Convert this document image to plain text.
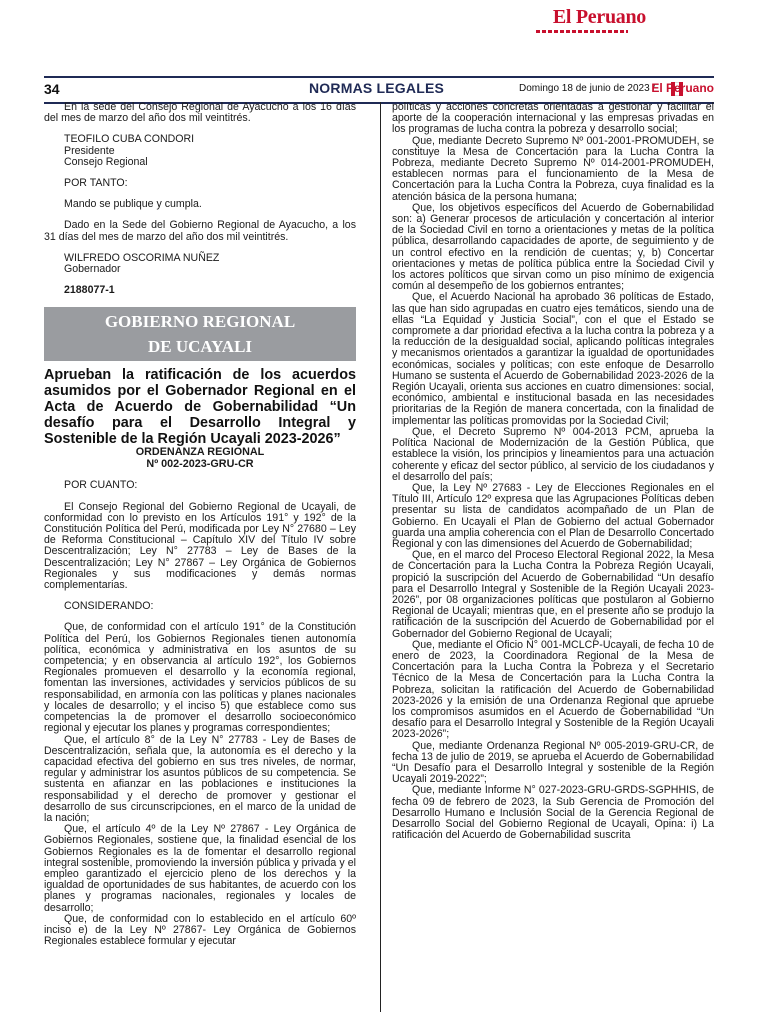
El Peruano
34	NORMAS LEGALES	Domingo 18 de junio de 2023 /
El Peruano

En la sede del Consejo Regional de Ayacucho a los 16 días del mes de marzo del año dos mil veintitrés.

TEOFILO CUBA CONDORI

Presidente

Consejo Regional

POR TANTO:

Mando se publique y cumpla.

Dado en la Sede del Gobierno Regional de Ayacucho, a los 31 días del mes de marzo del año dos mil veintitrés.

WILFREDO OSCORIMA NUÑEZ

Gobernador

2188077-1

GOBIERNO REGIONAL
DE UCAYALI

Aprueban la ratificación de los acuerdos asumidos por el Gobernador Regional en el Acta de Acuerdo de Gobernabilidad “Un desafío para el Desarrollo Integral y Sostenible de la Región Ucayali 2023-2026”

ORDENANZA REGIONAL

Nº 002-2023-GRU-CR

POR CUANTO:

El Consejo Regional del Gobierno Regional de Ucayali, de conformidad con lo previsto en los Artículos 191° y 192° de la Constitución Política del Perú, modificada por Ley N° 27680 – Ley de Reforma Constitucional – Capítulo XIV del Título IV sobre Descentralización; Ley N° 27783 – Ley de Bases de la Descentralización; Ley N° 27867 – Ley Orgánica de Gobiernos Regionales y sus modificaciones y demás normas complementarias.

CONSIDERANDO:

Que, de conformidad con el artículo 191° de la Constitución Política del Perú, los Gobiernos Regionales tienen autonomía política, económica y administrativa en los asuntos de su competencia; y en observancia al artículo 192°, los Gobiernos Regionales promueven el desarrollo y la economía regional, fomentan las inversiones, actividades y servicios públicos de su responsabilidad, en armonía con las políticas y planes nacionales y locales de desarrollo; y el inciso 5) que establece como sus competencias la de promover el desarrollo socioeconómico regional y ejecutar los planes y programas correspondientes;

Que, el artículo 8° de la Ley N° 27783 - Ley de Bases de Descentralización, señala que, la autonomía es el derecho y la capacidad efectiva del gobierno en sus tres niveles, de normar, regular y administrar los asuntos públicos de su competencia. Se sustenta en afianzar en las poblaciones e instituciones la responsabilidad y el derecho de promover y gestionar el desarrollo de sus circunscripciones, en el marco de la unidad de la nación;

Que, el artículo 4º de la Ley Nº 27867 - Ley Orgánica de Gobiernos Regionales, sostiene que, la finalidad esencial de los Gobiernos Regionales es la de fomentar el desarrollo regional integral sostenible, promoviendo la inversión pública y privada y el empleo garantizado el ejercicio pleno de los derechos y la igualdad de oportunidades de sus habitantes, de acuerdo con los planes y programas nacionales, regionales y locales de desarrollo;

Que, de conformidad con lo establecido en el artículo 60º inciso e) de la Ley Nº 27867- Ley Orgánica de Gobiernos Regionales establece formular y ejecutar

políticas y acciones concretas orientadas a gestionar y facilitar el aporte de la cooperación internacional y las empresas privadas en los programas de lucha contra la pobreza y desarrollo social;

Que, mediante Decreto Supremo Nº 001-2001-PROMUDEH, se constituye la Mesa de Concertación para la Lucha Contra la Pobreza, mediante Decreto Supremo Nº 014-2001-PROMUDEH, establecen normas para el funcionamiento de la Mesa de Concertación para la Lucha Contra la Pobreza, cuya finalidad es la atención básica de la persona humana;

Que, los objetivos específicos del Acuerdo de Gobernabilidad son: a) Generar procesos de articulación y concertación al interior de la Sociedad Civil en torno a orientaciones y metas de la política pública, desarrollando capacidades de aporte, de seguimiento y de un control efectivo en la rendición de cuentas; y, b) Concertar orientaciones y metas de política pública entre la Sociedad Civil y los actores políticos que sirvan como un piso mínimo de exigencia común al desempeño de los gobiernos entrantes;

Que, el Acuerdo Nacional ha aprobado 36 políticas de Estado, las que han sido agrupadas en cuatro ejes temáticos, siendo una de ellas “La Equidad y Justicia Social”, con el que el Estado se compromete a dar prioridad efectiva a la lucha contra la pobreza y a la reducción de la desigualdad social, aplicando políticas integrales y mecanismos orientados a garantizar la igualdad de oportunidades económicas, sociales y políticas; con este enfoque de Desarrollo Humano se sustenta el Acuerdo de Gobernabilidad 2023-2026 de la Región Ucayali, orienta sus acciones en cuatro dimensiones: social, económico, ambiental e institucional basada en las necesidades prioritarias de la Región de manera concertada, con la finalidad de implementar las políticas promovidas por la Sociedad Civil;

Que, el Decreto Supremo Nº 004-2013 PCM, aprueba la Política Nacional de Modernización de la Gestión Pública, que establece la visión, los principios y lineamientos para una actuación coherente y eficaz del sector público, al servicio de los ciudadanos y el desarrollo del país;

Que, la Ley Nº 27683 - Ley de Elecciones Regionales en el Título III, Artículo 12º expresa que las Agrupaciones Políticas deben presentar su lista de candidatos acompañado de un Plan de Gobierno. En Ucayali el Plan de Gobierno del actual Gobernador guarda una amplia coherencia con el Plan de Desarrollo Concertado Regional y con las dimensiones del Acuerdo de Gobernabilidad;

Que, en el marco del Proceso Electoral Regional 2022, la Mesa de Concertación para la Lucha Contra la Pobreza Región Ucayali, propició la suscripción del Acuerdo de Gobernabilidad “Un desafío para el Desarrollo Integral y Sostenible de la Región Ucayali 2023-2026”, por 08 organizaciones políticas que postularon al Gobierno Regional de Ucayali; mientras que, en el presente año se produjo la ratificación de la suscripción del Acuerdo de Gobernabilidad por el Gobernador del Gobierno Regional de Ucayali;

Que, mediante el Oficio N° 001-MCLCP-Ucayali, de fecha 10 de enero de 2023, la Coordinadora Regional de la Mesa de Concertación para la Lucha Contra la Pobreza y el Secretario Técnico de la Mesa de Concertación para la Lucha Contra la Pobreza, solicitan la ratificación del Acuerdo de Gobernabilidad 2023-2026 y la emisión de una Ordenanza Regional que apruebe los compromisos asumidos en el Acuerdo de Gobernabilidad “Un desafío para el Desarrollo Integral y Sostenible de la Región Ucayali 2023-2026”;

Que, mediante Ordenanza Regional Nº 005-2019-GRU-CR, de fecha 13 de julio de 2019, se aprueba el Acuerdo de Gobernabilidad “Un Desafío para el Desarrollo Integral y sostenible de la Región Ucayali 2019-2022”;

Que, mediante Informe N° 027-2023-GRU-GRDS-SGPHHIS, de fecha 09 de febrero de 2023, la Sub Gerencia de Promoción del Desarrollo Humano e Inclusión Social de la Gerencia Regional de Desarrollo Social del Gobierno Regional de Ucayali, Opina: i) La ratificación del Acuerdo de Gobernabilidad suscrita
